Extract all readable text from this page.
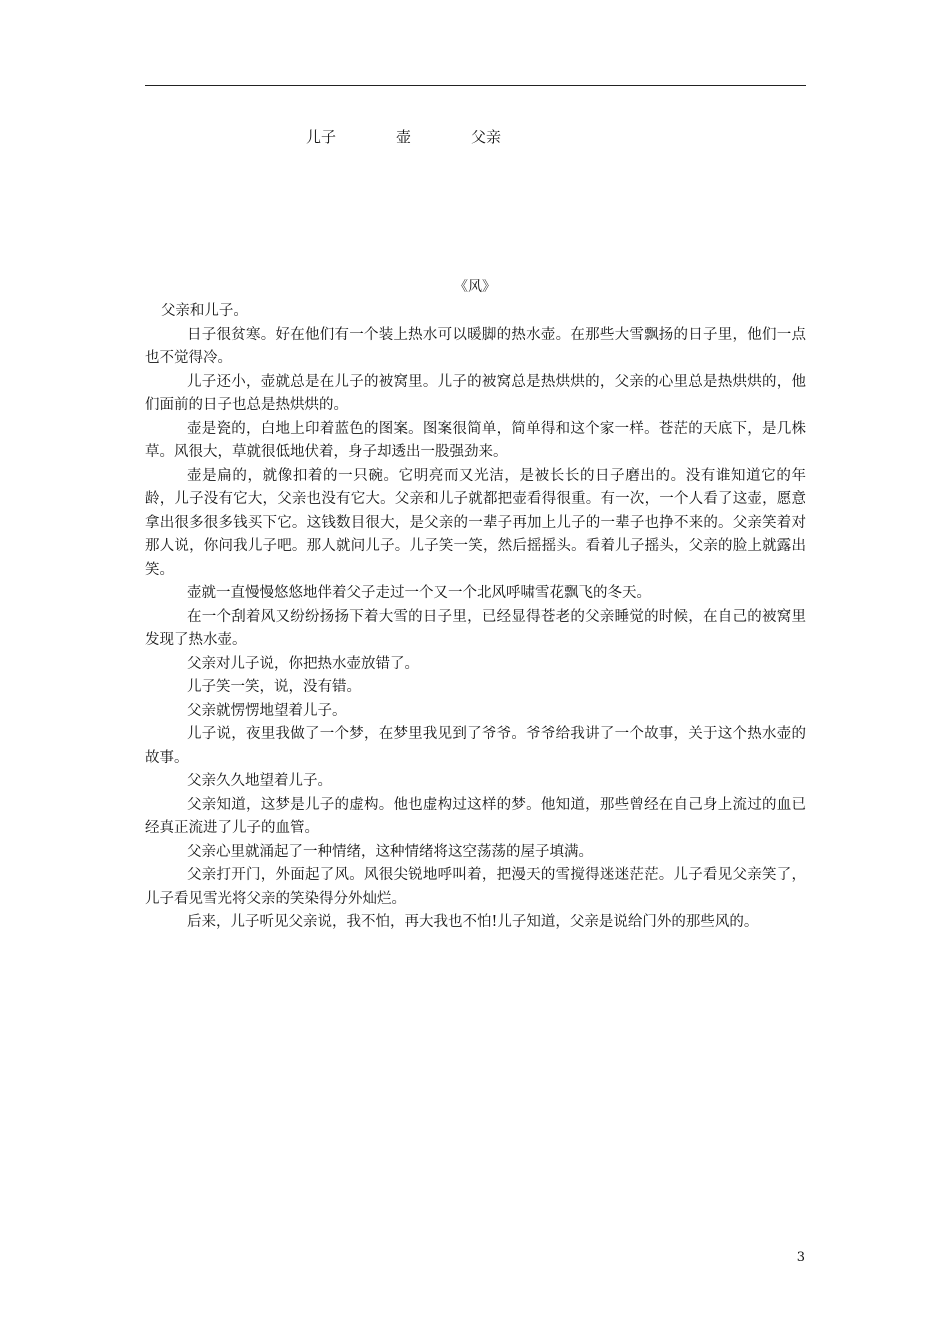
儿子	壶	父亲
《风》

父亲和儿子。

日子很贫寒。好在他们有一个装上热水可以暖脚的热水壶。在那些大雪飘扬的日子里，他们一点也不觉得冷。

儿子还小，壶就总是在儿子的被窝里。儿子的被窝总是热烘烘的，父亲的心里总是热烘烘的，他们面前的日子也总是热烘烘的。

壶是瓷的，白地上印着蓝色的图案。图案很简单，简单得和这个家一样。苍茫的天底下，是几株草。风很大，草就很低地伏着，身子却透出一股强劲来。

壶是扁的，就像扣着的一只碗。它明亮而又光洁，是被长长的日子磨出的。没有谁知道它的年龄，儿子没有它大，父亲也没有它大。父亲和儿子就都把壶看得很重。有一次，一个人看了这壶，愿意拿出很多很多钱买下它。这钱数目很大，是父亲的一辈子再加上儿子的一辈子也挣不来的。父亲笑着对那人说，你问我儿子吧。那人就问儿子。儿子笑一笑，然后摇摇头。看着儿子摇头，父亲的脸上就露出笑。

壶就一直慢慢悠悠地伴着父子走过一个又一个北风呼啸雪花飘飞的冬天。

在一个刮着风又纷纷扬扬下着大雪的日子里，已经显得苍老的父亲睡觉的时候，在自己的被窝里发现了热水壶。

父亲对儿子说，你把热水壶放错了。

儿子笑一笑，说，没有错。

父亲就愣愣地望着儿子。

儿子说，夜里我做了一个梦，在梦里我见到了爷爷。爷爷给我讲了一个故事，关于这个热水壶的故事。

父亲久久地望着儿子。

父亲知道，这梦是儿子的虚构。他也虚构过这样的梦。他知道，那些曾经在自己身上流过的血已经真正流进了儿子的血管。

父亲心里就涌起了一种情绪，这种情绪将这空荡荡的屋子填满。

父亲打开门，外面起了风。风很尖锐地呼叫着，把漫天的雪搅得迷迷茫茫。儿子看见父亲笑了，儿子看见雪光将父亲的笑染得分外灿烂。

后来，儿子听见父亲说，我不怕，再大我也不怕!儿子知道，父亲是说给门外的那些风的。

3
